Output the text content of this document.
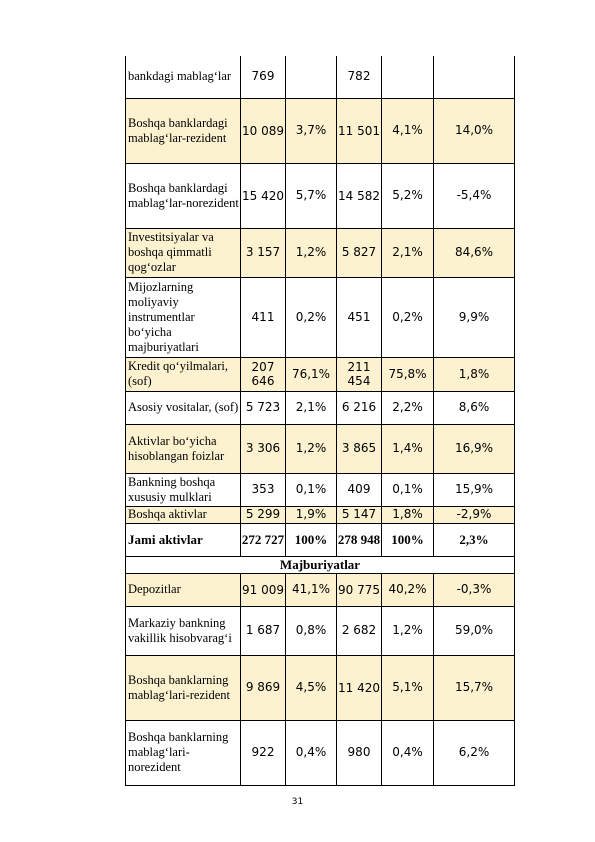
bankdagi mablag‘lar	769		782		
Boshqa banklardagi mablag‘lar-rezident	10 089	3,7%	11 501	4,1%	14,0%
Boshqa banklardagi mablag‘lar-norezident	15 420	5,7%	14 582	5,2%	-5,4%
Investitsiyalar va boshqa qimmatli qog‘ozlar	3 157	1,2%	5 827	2,1%	84,6%
Mijozlarning moliyaviy instrumentlar bo‘yicha majburiyatlari	411	0,2%	451	0,2%	9,9%
Kredit qo‘yilmalari, (sof)	207 646	76,1%	211 454	75,8%	1,8%
Asosiy vositalar, (sof)	5 723	2,1%	6 216	2,2%	8,6%
Aktivlar bo‘yicha hisoblangan foizlar	3 306	1,2%	3 865	1,4%	16,9%
Bankning boshqa xususiy mulklari	353	0,1%	409	0,1%	15,9%
Boshqa aktivlar	5 299	1,9%	5 147	1,8%	-2,9%
Jami aktivlar	272 727	100%	278 948	100%	2,3%
Majburiyatlar					
Depozitlar	91 009	41,1%	90 775	40,2%	-0,3%
Markaziy bankning vakillik hisobvarag‘i	1 687	0,8%	2 682	1,2%	59,0%
Boshqa banklarning mablag‘lari-rezident	9 869	4,5%	11 420	5,1%	15,7%
Boshqa banklarning mablag‘lari-norezident	922	0,4%	980	0,4%	6,2%
31
